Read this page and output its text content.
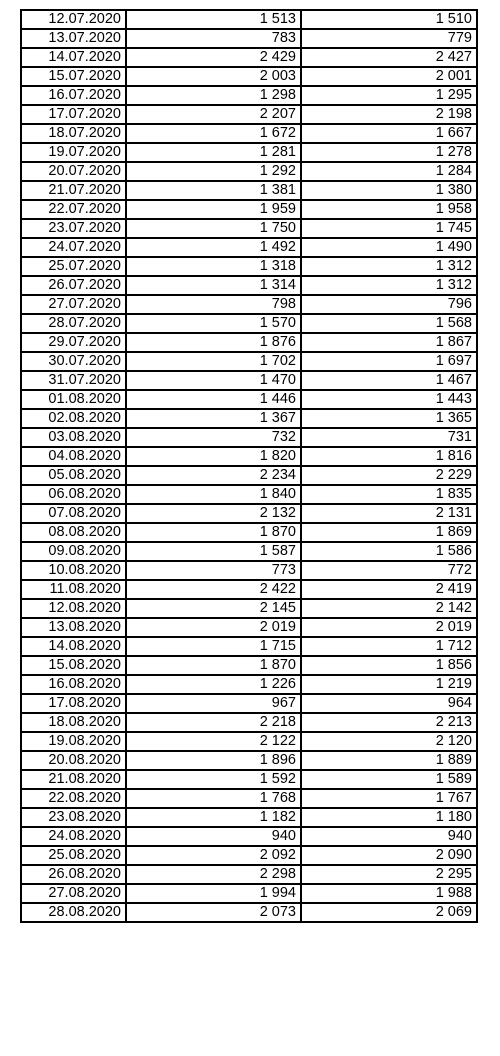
12.07.2020	1 513	1 510
13.07.2020	783	779
14.07.2020	2 429	2 427
15.07.2020	2 003	2 001
16.07.2020	1 298	1 295
17.07.2020	2 207	2 198
18.07.2020	1 672	1 667
19.07.2020	1 281	1 278
20.07.2020	1 292	1 284
21.07.2020	1 381	1 380
22.07.2020	1 959	1 958
23.07.2020	1 750	1 745
24.07.2020	1 492	1 490
25.07.2020	1 318	1 312
26.07.2020	1 314	1 312
27.07.2020	798	796
28.07.2020	1 570	1 568
29.07.2020	1 876	1 867
30.07.2020	1 702	1 697
31.07.2020	1 470	1 467
01.08.2020	1 446	1 443
02.08.2020	1 367	1 365
03.08.2020	732	731
04.08.2020	1 820	1 816
05.08.2020	2 234	2 229
06.08.2020	1 840	1 835
07.08.2020	2 132	2 131
08.08.2020	1 870	1 869
09.08.2020	1 587	1 586
10.08.2020	773	772
11.08.2020	2 422	2 419
12.08.2020	2 145	2 142
13.08.2020	2 019	2 019
14.08.2020	1 715	1 712
15.08.2020	1 870	1 856
16.08.2020	1 226	1 219
17.08.2020	967	964
18.08.2020	2 218	2 213
19.08.2020	2 122	2 120
20.08.2020	1 896	1 889
21.08.2020	1 592	1 589
22.08.2020	1 768	1 767
23.08.2020	1 182	1 180
24.08.2020	940	940
25.08.2020	2 092	2 090
26.08.2020	2 298	2 295
27.08.2020	1 994	1 988
28.08.2020	2 073	2 069
